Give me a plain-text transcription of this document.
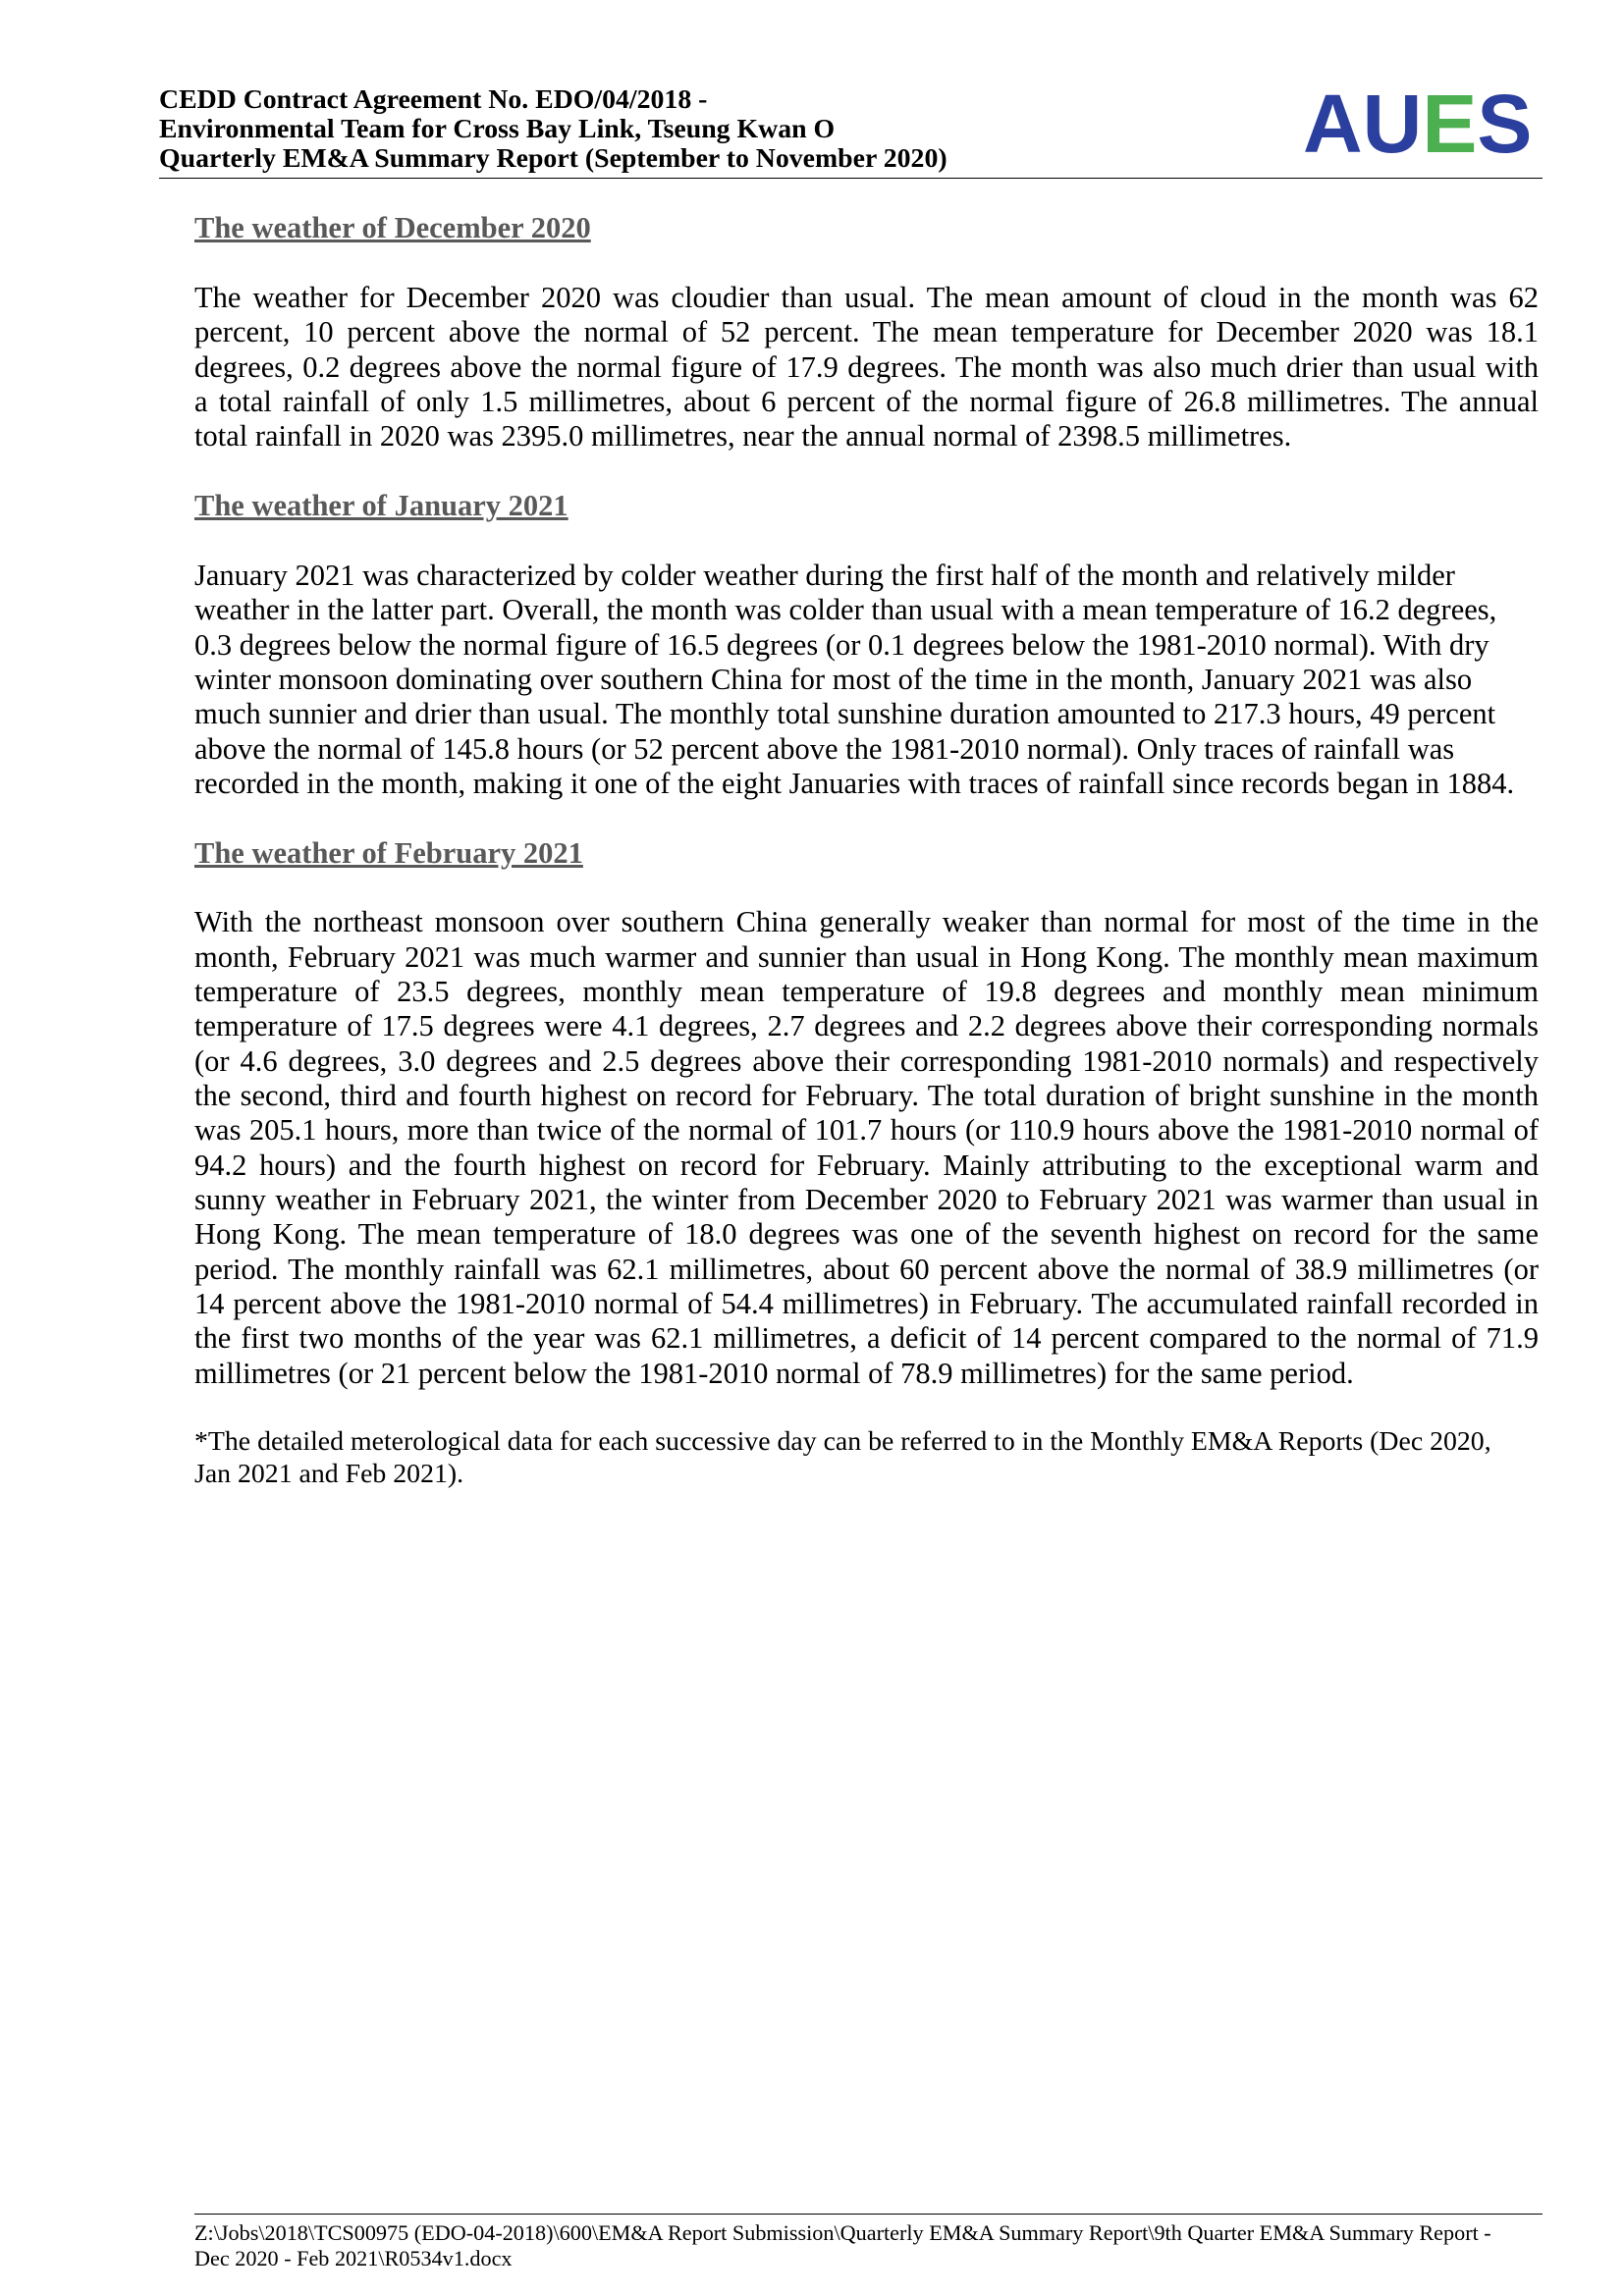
CEDD Contract Agreement No. EDO/04/2018 -
Environmental Team for Cross Bay Link, Tseung Kwan O
Quarterly EM&A Summary Report (September to November 2020)	AUES
The weather of December 2020
The weather for December 2020 was cloudier than usual. The mean amount of cloud in the month was 62
percent, 10 percent above the normal of 52 percent. The mean temperature for December 2020 was 18.1
degrees, 0.2 degrees above the normal figure of 17.9 degrees. The month was also much drier than usual with
a total rainfall of only 1.5 millimetres, about 6 percent of the normal figure of 26.8 millimetres. The annual
total rainfall in 2020 was 2395.0 millimetres, near the annual normal of 2398.5 millimetres.
The weather of January 2021
January 2021 was characterized by colder weather during the first half of the month and relatively milder
weather in the latter part. Overall, the month was colder than usual with a mean temperature of 16.2 degrees,
0.3 degrees below the normal figure of 16.5 degrees (or 0.1 degrees below the 1981-2010 normal). With dry
winter monsoon dominating over southern China for most of the time in the month, January 2021 was also
much sunnier and drier than usual. The monthly total sunshine duration amounted to 217.3 hours, 49 percent
above the normal of 145.8 hours (or 52 percent above the 1981-2010 normal). Only traces of rainfall was
recorded in the month, making it one of the eight Januaries with traces of rainfall since records began in 1884.
The weather of February 2021
With the northeast monsoon over southern China generally weaker than normal for most of the time in the
month, February 2021 was much warmer and sunnier than usual in Hong Kong. The monthly mean maximum
temperature of 23.5 degrees, monthly mean temperature of 19.8 degrees and monthly mean minimum
temperature of 17.5 degrees were 4.1 degrees, 2.7 degrees and 2.2 degrees above their corresponding normals
(or 4.6 degrees, 3.0 degrees and 2.5 degrees above their corresponding 1981-2010 normals) and respectively
the second, third and fourth highest on record for February. The total duration of bright sunshine in the month
was 205.1 hours, more than twice of the normal of 101.7 hours (or 110.9 hours above the 1981-2010 normal of
94.2 hours) and the fourth highest on record for February. Mainly attributing to the exceptional warm and
sunny weather in February 2021, the winter from December 2020 to February 2021 was warmer than usual in
Hong Kong. The mean temperature of 18.0 degrees was one of the seventh highest on record for the same
period. The monthly rainfall was 62.1 millimetres, about 60 percent above the normal of 38.9 millimetres (or
14 percent above the 1981-2010 normal of 54.4 millimetres) in February. The accumulated rainfall recorded in
the first two months of the year was 62.1 millimetres, a deficit of 14 percent compared to the normal of 71.9
millimetres (or 21 percent below the 1981-2010 normal of 78.9 millimetres) for the same period.
*The detailed meterological data for each successive day can be referred to in the Monthly EM&A Reports (Dec 2020,
Jan 2021 and Feb 2021).
Z:\Jobs\2018\TCS00975 (EDO-04-2018)\600\EM&A Report Submission\Quarterly EM&A Summary Report\9th Quarter EM&A Summary Report -
Dec 2020 - Feb 2021\R0534v1.docx
